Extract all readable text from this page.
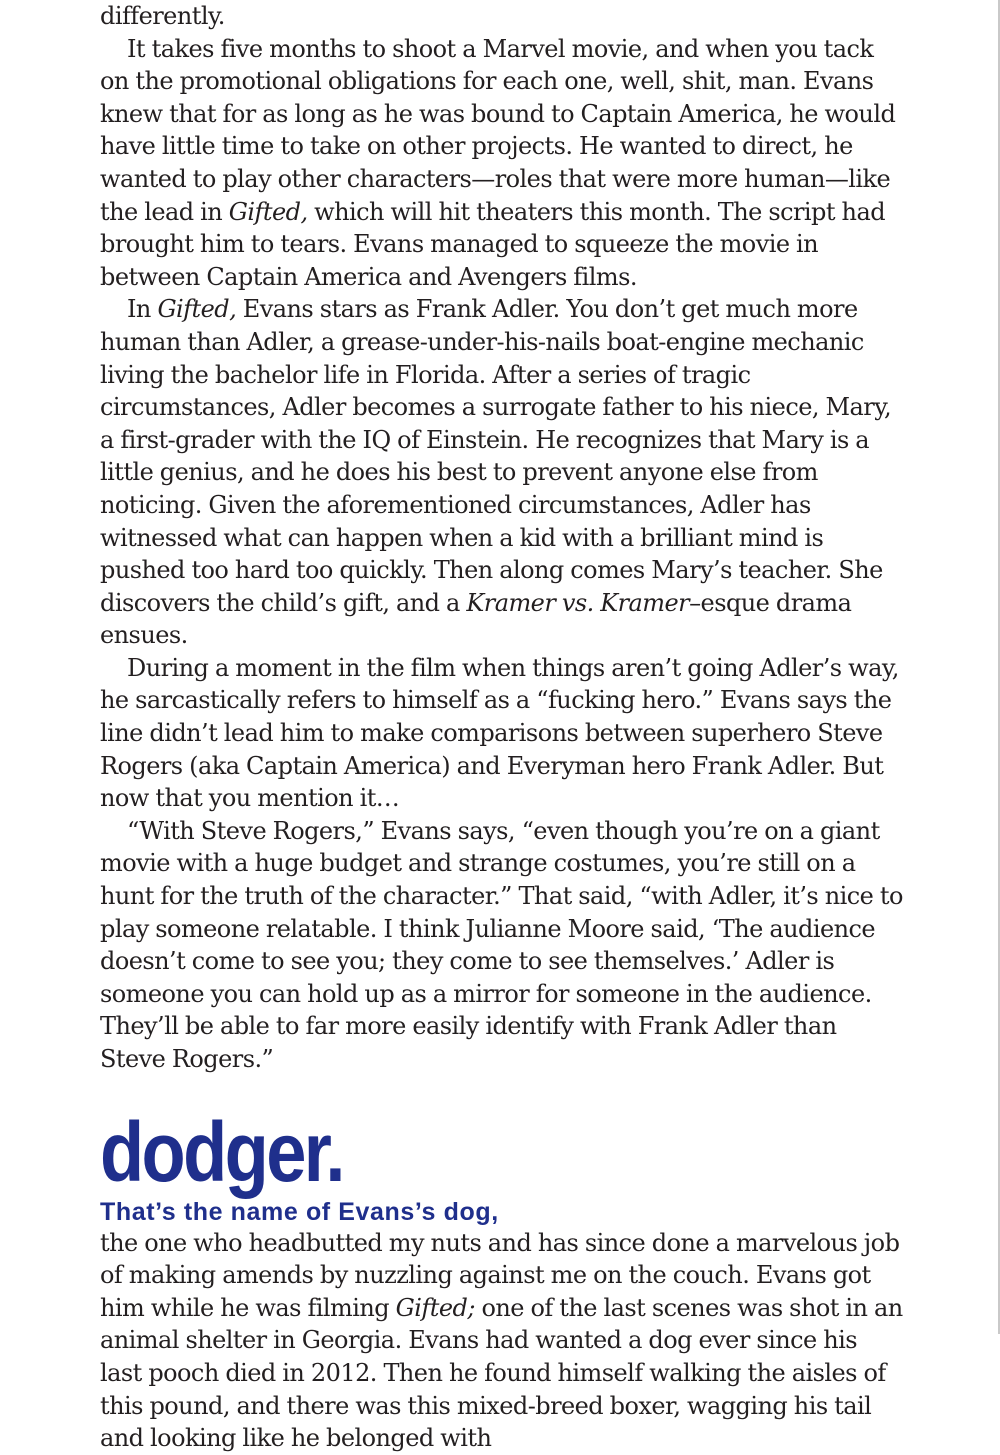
differently.

It takes five months to shoot a Marvel movie, and when you tack on the promotional obligations for each one, well, shit, man. Evans knew that for as long as he was bound to Captain America, he would have little time to take on other projects. He wanted to direct, he wanted to play other characters—roles that were more human—like the lead in Gifted, which will hit theaters this month. The script had brought him to tears. Evans managed to squeeze the movie in between Captain America and Avengers films.

In Gifted, Evans stars as Frank Adler. You don’t get much more human than Adler, a grease-under-his-nails boat-engine mechanic living the bachelor life in Florida. After a series of tragic circumstances, Adler becomes a surrogate father to his niece, Mary, a first-grader with the IQ of Einstein. He recognizes that Mary is a little genius, and he does his best to prevent anyone else from noticing. Given the aforementioned circumstances, Adler has witnessed what can happen when a kid with a brilliant mind is pushed too hard too quickly. Then along comes Mary’s teacher. She discovers the child’s gift, and a Kramer vs. Kramer–esque drama ensues.

During a moment in the film when things aren’t going Adler’s way, he sarcastically refers to himself as a “fucking hero.” Evans says the line didn’t lead him to make comparisons between superhero Steve Rogers (aka Captain America) and Everyman hero Frank Adler. But now that you mention it…

“With Steve Rogers,” Evans says, “even though you’re on a giant movie with a huge budget and strange costumes, you’re still on a hunt for the truth of the character.” That said, “with Adler, it’s nice to play someone relatable. I think Julianne Moore said, ‘The audience doesn’t come to see you; they come to see themselves.’ Adler is someone you can hold up as a mirror for someone in the audience. They’ll be able to far more easily identify with Frank Adler than Steve Rogers.”

dodger.
That’s the name of Evans’s dog,

the one who headbutted my nuts and has since done a marvelous job of making amends by nuzzling against me on the couch. Evans got him while he was filming Gifted; one of the last scenes was shot in an animal shelter in Georgia. Evans had wanted a dog ever since his last pooch died in 2012. Then he found himself walking the aisles of this pound, and there was this mixed-breed boxer, wagging his tail and looking like he belonged with
